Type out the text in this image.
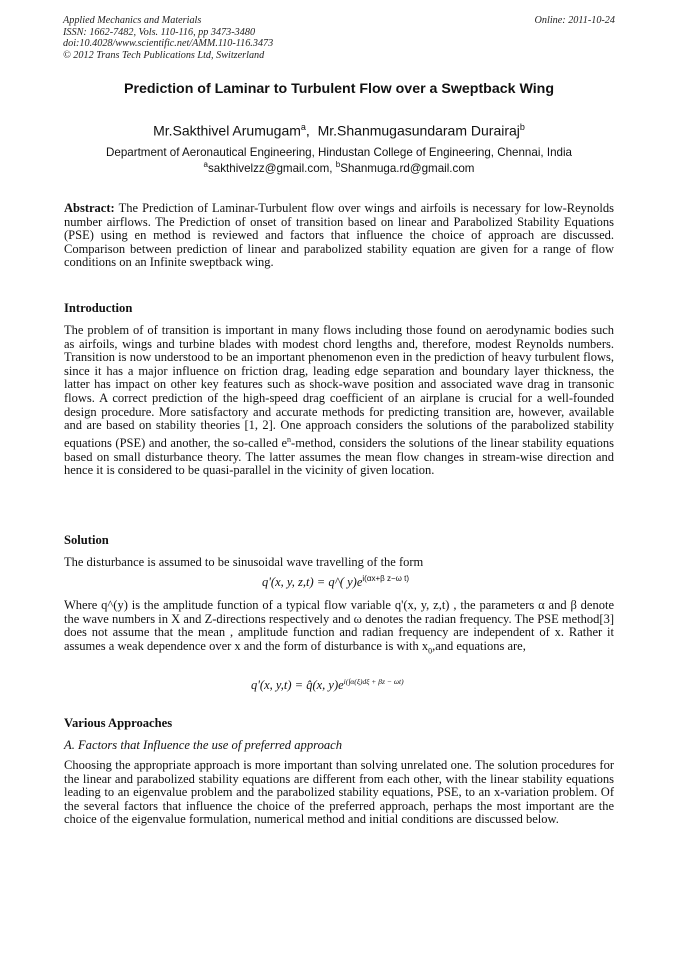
Applied Mechanics and Materials
ISSN: 1662-7482, Vols. 110-116, pp 3473-3480
doi:10.4028/www.scientific.net/AMM.110-116.3473
© 2012 Trans Tech Publications Ltd, Switzerland
Online: 2011-10-24
Prediction of Laminar to Turbulent Flow over a Sweptback Wing
Mr.Sakthivel Arumugam$^a$, Mr.Shanmugasundaram Durairaj$^b$
Department of Aeronautical Engineering, Hindustan College of Engineering, Chennai, India
$^a$sakthivelzz@gmail.com, $^b$Shanmuga.rd@gmail.com
Abstract: The Prediction of Laminar-Turbulent flow over wings and airfoils is necessary for low-Reynolds number airflows. The Prediction of onset of transition based on linear and Parabolized Stability Equations (PSE) using en method is reviewed and factors that influence the choice of approach are discussed. Comparison between prediction of linear and parabolized stability equation are given for a range of flow conditions on an Infinite sweptback wing.
Introduction
The problem of of transition is important in many flows including those found on aerodynamic bodies such as airfoils, wings and turbine blades with modest chord lengths and, therefore, modest Reynolds numbers. Transition is now understood to be an important phenomenon even in the prediction of heavy turbulent flows, since it has a major influence on friction drag, leading edge separation and boundary layer thickness, the latter has impact on other key features such as shock-wave position and associated wave drag in transonic flows. A correct prediction of the high-speed drag coefficient of an airplane is crucial for a well-founded design procedure. More satisfactory and accurate methods for predicting transition are, however, available and are based on stability theories [1, 2]. One approach considers the solutions of the parabolized stability equations (PSE) and another, the so-called $e^n$-method, considers the solutions of the linear stability equations based on small disturbance theory. The latter assumes the mean flow changes in stream-wise direction and hence it is considered to be quasi-parallel in the vicinity of given location.
Solution
The disturbance is assumed to be sinusoidal wave travelling of the form
q'(x, y, z,t) = q^( $y)e^{i(\alpha x+\beta z-\omega t)}$
Where q^(y) is the amplitude function of a typical flow variable q'(x, y, z,t) , the parameters α and β denote the wave numbers in X and Z-directions respectively and ω denotes the radian frequency. The PSE method[3] does not assume that the mean , amplitude function and radian frequency are independent of x. Rather it assumes a weak dependence over x and the form of disturbance is with $x_0,and$ equations are,
q'(x, y,t) = q̂(x, $y)e^{i(\int\alpha(\xi)d\xi + \beta z - \omega t)}$
Various Approaches
A. Factors that Influence the use of preferred approach
Choosing the appropriate approach is more important than solving unrelated one. The solution procedures for the linear and parabolized stability equations are different from each other, with the linear stability equations leading to an eigenvalue problem and the parabolized stability equations, PSE, to an x-variation problem. Of the several factors that influence the choice of the preferred approach, perhaps the most important are the choice of the eigenvalue formulation, numerical method and initial conditions are discussed below.
